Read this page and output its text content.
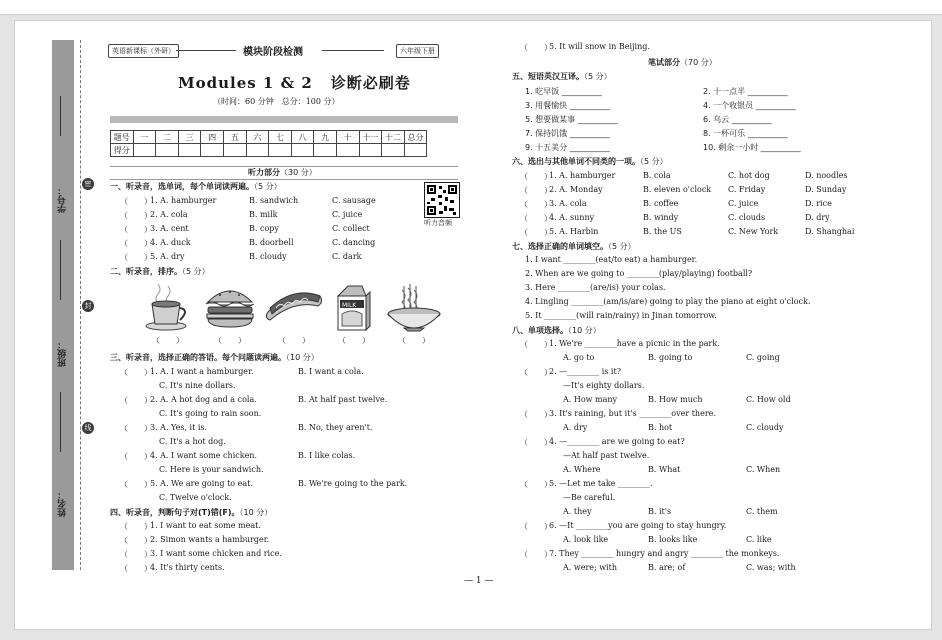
学号：
班级：
姓名：
密
封
线
英语新课标（外研）	模块阶段检测	六年级下册
Modules 1 & 2 诊断必刷卷
（时间：60 分钟　总分：100 分）
题号	一	二	三	四	五	六	七	八	九	十	十一	十二	总分
得分													
听力部分（30 分）
一、听录音，选单词，每个单词读两遍。（5 分）
听力音频
（　　）
1. A. hamburger	B. sandwich	C. sausage
（　　）
2. A. cola	B. milk	C. juice
（　　）
3. A. cent	B. copy	C. collect
（　　）
4. A. duck	B. doorbell	C. dancing
（　　）
5. A. dry	B. cloudy	C. dark
二、听录音，排序。（5 分）
MILK
（　　）	（　　）	（　　）	（　　）	（　　）
三、听录音，选择正确的答语。每个问题读两遍。（10 分）
（　　）
1. A. I want a hamburger.	B. I want a cola.
C. It's nine dollars.
（　　）
2. A. A hot dog and a cola.	B. At half past twelve.
C. It's going to rain soon.
（　　）
3. A. Yes, it is.	B. No, they aren't.
C. It's a hot dog.
（　　）
4. A. I want some chicken.	B. I like colas.
C. Here is your sandwich.
（　　）
5. A. We are going to eat.	B. We're going to the park.
C. Twelve o'clock.
四、听录音，判断句子对(T)错(F)。（10 分）
（　　）
1. I want to eat some meat.
（　　）
2. Simon wants a hamburger.
（　　）
3. I want some chicken and rice.
（　　）
4. It's thirty cents.
（　　）
5. It will snow in Beijing.
笔试部分（70 分）
五、短语英汉互译。（5 分）
1. 吃早饭 __________	2. 十一点半 __________
3. 用餐愉快 __________	4. 一个收银员 __________
5. 想要做某事 __________	6. 乌云 __________
7. 保持饥饿 __________	8. 一杯可乐 __________
9. 十五美分 __________	10. 剩余一小时 __________
六、选出与其他单词不同类的一项。（5 分）
（　　）
1. A. hamburger	B. cola	C. hot dog	D. noodles
（　　）
2. A. Monday	B. eleven o'clock C. Friday	D. Sunday
（　　）
3. A. cola	B. coffee	C. juice	D. rice
（　　）
4. A. sunny	B. windy	C. clouds	D. dry
（　　）
5. A. Harbin	B. the US	C. New York	D. Shanghai
七、选择正确的单词填空。（5 分）
1. I want ________(eat/to eat) a hamburger.
2. When are we going to ________(play/playing) football?
3. Here ________(are/is) your colas.
4. Lingling ________(am/is/are) going to play the piano at eight o'clock.
5. It ________(will rain/rainy) in Jinan tomorrow.
八、单项选择。（10 分）
（　　）
1. We're ________have a picnic in the park.
A. go to	B. going to	C. going
（　　）
2. —________ is it?
—It's eighty dollars.
A. How many	B. How much	C. How old
（　　）
3. It's raining, but it's ________over there.
A. dry	B. hot	C. cloudy
（　　）
4. —________ are we going to eat?
—At half past twelve.
A. Where	B. What	C. When
（　　）
5. —Let me take ________.
—Be careful.
A. they	B. it's	C. them
（　　）
6. —It ________you are going to stay hungry.
A. look like	B. looks like	C. like
（　　）
7. They ________ hungry and angry ________ the monkeys.
A. were; with	B. are; of	C. was; with
— 1 —
